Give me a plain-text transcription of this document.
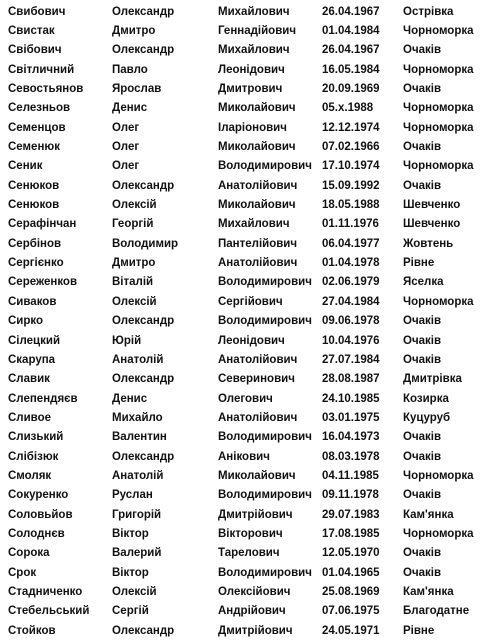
Свибович	Олександр	Михайлович	26.04.1967	Острівка
Свистак	Дмитро	Геннадійович	01.04.1984	Чорноморка
Свібович	Олександр	Михайлович	26.04.1967	Очаків
Світличний	Павло	Леонідович	16.05.1984	Чорноморка
Севостьянов	Ярослав	Дмитрович	20.09.1969	Очаків
Селезньов	Денис	Миколайович	05.х.1988	Чорноморка
Семенцов	Олег	Іларіонович	12.12.1974	Чорноморка
Семенюк	Олег	Миколайович	07.02.1966	Очаків
Сеник	Олег	Володимирович 17.10.1974	Чорноморка
Сенюков	Олександр	Анатолійович	15.09.1992	Очаків
Сенюков	Олексій	Миколайович	18.05.1988	Шевченко
Серафінчан	Георгій	Михайлович	01.11.1976	Шевченко
Сербінов	Володимир	Пантелійович	06.04.1977	Жовтень
Сергієнко	Дмитро	Анатолійович	01.04.1978	Рівне
Сереженков	Віталій	Володимирович 02.06.1979	Яселка
Сиваков	Олексій	Сергійович	27.04.1984	Чорноморка
Сирко	Олександр	Володимирович 09.06.1978	Очаків
Сілецкий	Юрій	Леонідович	10.04.1976	Очаків
Скарупа	Анатолій	Анатолійович	27.07.1984	Очаків
Славик	Олександр	Северинович	28.08.1987	Дмитрівка
Слепендяєв	Денис	Олегович	24.10.1985	Козирка
Сливое	Михайло	Анатолійович	03.01.1975	Куцуруб
Слизький	Валентин	Володимирович 16.04.1973	Очаків
Слібізюк	Олександр	Анікович	08.03.1978	Очаків
Смоляк	Анатолій	Миколайович	04.11.1985	Чорноморка
Сокуренко	Руслан	Володимирович 09.11.1978	Очаків
Соловьйов	Григорій	Дмитрійович	29.07.1983	Кам'янка
Солоднєв	Віктор	Вікторович	17.08.1985	Чорноморка
Сорока	Валерий	Тарелович	12.05.1970	Очаків
Срок	Віктор	Володимирович 01.04.1965	Очаків
Стадниченко	Олексій	Олексійович	25.08.1969	Кам'янка
Стебельський	Сергій	Андрійович	07.06.1975	Благодатне
Стойков	Олександр	Дмитрійович	24.05.1971	Рівне
